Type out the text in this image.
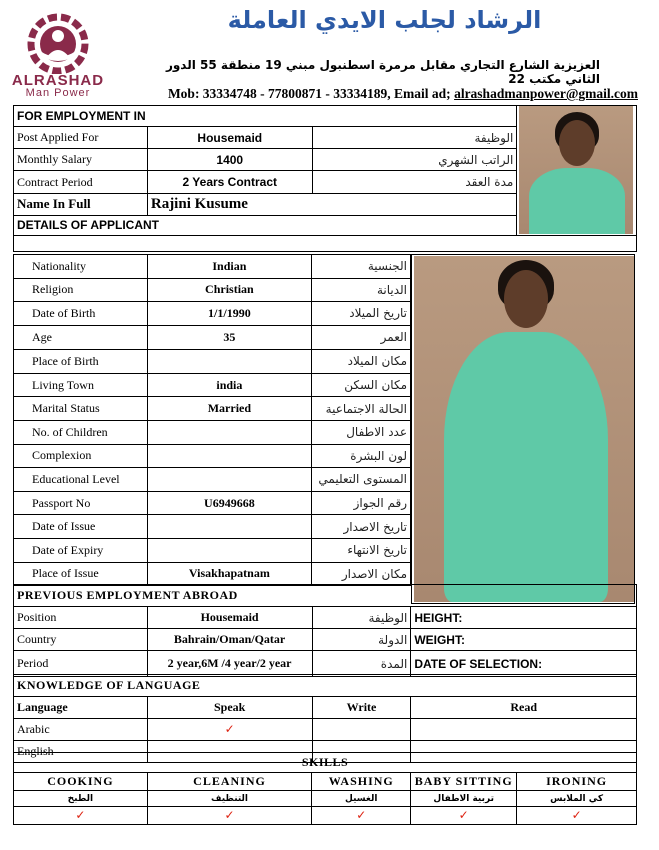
ALRASHAD
Man Power
الرشاد لجلب الايدي العاملة
العزيزية الشارع التجاري مقابل مرمرة اسطنبول مبني 19 منطقة 55 الدور الثاني مكتب 22
Mob: 33334748 - 77800871 - 33334189, Email ad; alrashadmanpower@gmail.com
FOR EMPLOYMENT IN			
Post Applied For	Housemaid	الوظيفة	
Monthly Salary	1400	الراتب الشهري	
Contract Period	2 Years Contract	مدة العقد	
Name In Full	Rajini Kusume		
DETAILS OF APPLICANT			

Nationality	Indian	الجنسية
Religion	Christian	الديانة
Date of Birth	1/1/1990	تاريخ الميلاد
Age	35	العمر
Place of Birth		مكان الميلاد
Living Town	india	مكان السكن
Marital Status	Married	الحالة الاجتماعية
No. of Children		عدد الاطفال
Complexion		لون البشرة
Educational Level		المستوى التعليمي
Passport No	U6949668	رقم الجواز
Date of Issue		تاريخ الاصدار
Date of Expiry		تاريخ الانتهاء
Place of Issue	Visakhapatnam	مكان الاصدار
PREVIOUS EMPLOYMENT ABROAD			
Position	Housemaid	الوظيفة	HEIGHT:
Country	Bahrain/Oman/Qatar	الدولة	WEIGHT:
Period	2 year,6M /4 year/2 year	المدة	DATE OF SELECTION:
KNOWLEDGE OF LANGUAGE			
Language	Speak	Write	Read
Arabic	✓		
English			
SKILLS				
COOKING	CLEANING	WASHING	BABY SITTING	IRONING
الطبخ	التنظيف	الغسيل	تربية الاطفال	كي الملابس
✓	✓	✓	✓	✓
